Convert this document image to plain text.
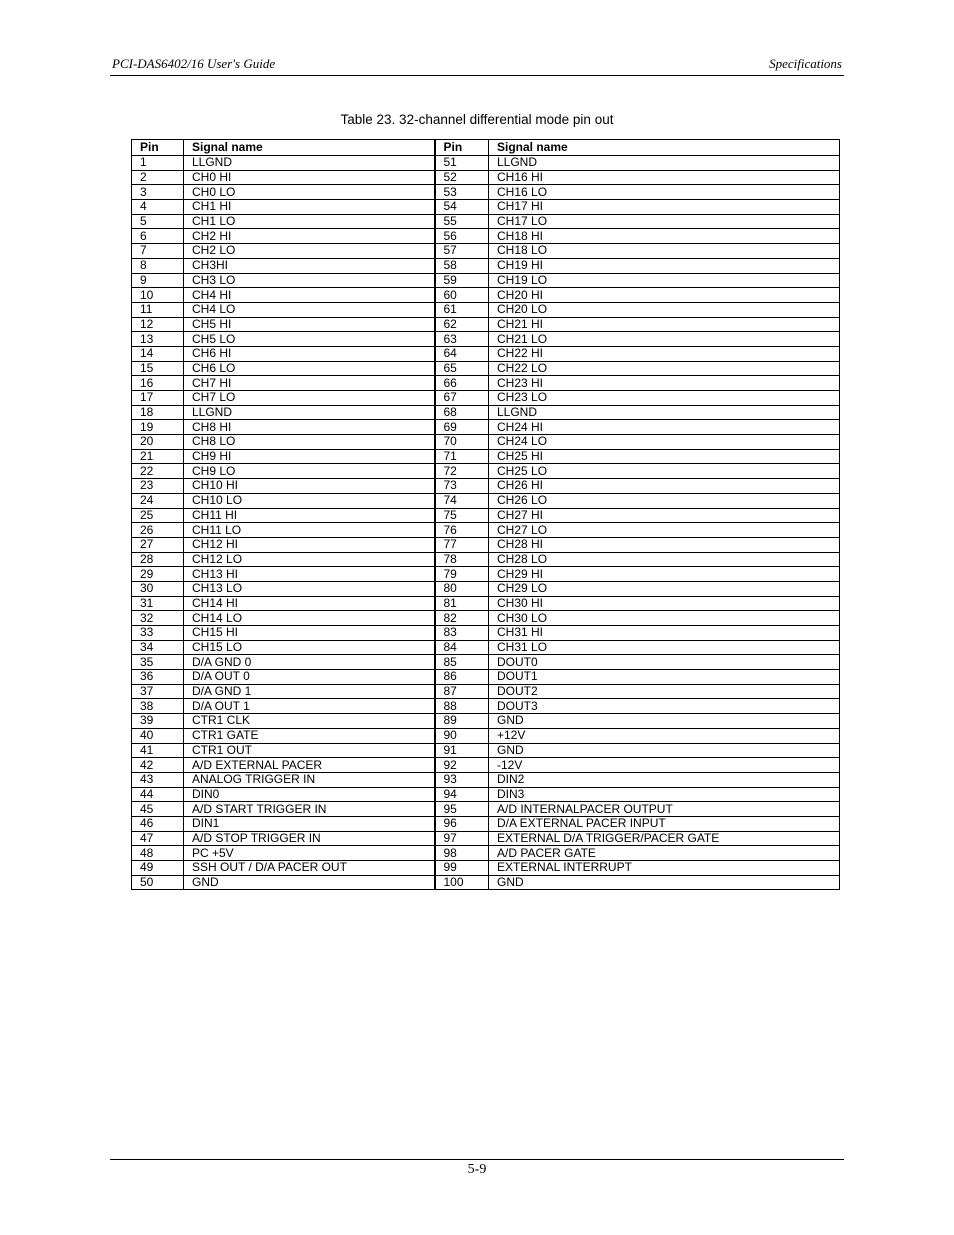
PCI-DAS6402/16 User's Guide	Specifications
Table 23. 32-channel differential mode pin out
Pin	Signal name	Pin	Signal name
1	LLGND	51	LLGND
2	CH0 HI	52	CH16 HI
3	CH0 LO	53	CH16 LO
4	CH1 HI	54	CH17 HI
5	CH1 LO	55	CH17 LO
6	CH2 HI	56	CH18 HI
7	CH2 LO	57	CH18 LO
8	CH3HI	58	CH19 HI
9	CH3 LO	59	CH19 LO
10	CH4 HI	60	CH20 HI
11	CH4 LO	61	CH20 LO
12	CH5 HI	62	CH21 HI
13	CH5 LO	63	CH21 LO
14	CH6 HI	64	CH22 HI
15	CH6 LO	65	CH22 LO
16	CH7 HI	66	CH23 HI
17	CH7 LO	67	CH23 LO
18	LLGND	68	LLGND
19	CH8 HI	69	CH24 HI
20	CH8 LO	70	CH24 LO
21	CH9 HI	71	CH25 HI
22	CH9 LO	72	CH25 LO
23	CH10 HI	73	CH26 HI
24	CH10 LO	74	CH26 LO
25	CH11 HI	75	CH27 HI
26	CH11 LO	76	CH27 LO
27	CH12 HI	77	CH28 HI
28	CH12 LO	78	CH28 LO
29	CH13 HI	79	CH29 HI
30	CH13 LO	80	CH29 LO
31	CH14 HI	81	CH30 HI
32	CH14 LO	82	CH30 LO
33	CH15 HI	83	CH31 HI
34	CH15 LO	84	CH31 LO
35	D/A GND 0	85	DOUT0
36	D/A OUT 0	86	DOUT1
37	D/A GND 1	87	DOUT2
38	D/A OUT 1	88	DOUT3
39	CTR1 CLK	89	GND
40	CTR1 GATE	90	+12V
41	CTR1 OUT	91	GND
42	A/D EXTERNAL PACER	92	-12V
43	ANALOG TRIGGER IN	93	DIN2
44	DIN0	94	DIN3
45	A/D START TRIGGER IN	95	A/D INTERNALPACER OUTPUT
46	DIN1	96	D/A EXTERNAL PACER INPUT
47	A/D STOP TRIGGER IN	97	EXTERNAL D/A TRIGGER/PACER GATE
48	PC +5V	98	A/D PACER GATE
49	SSH OUT / D/A PACER OUT	99	EXTERNAL INTERRUPT
50	GND	100	GND
5-9
